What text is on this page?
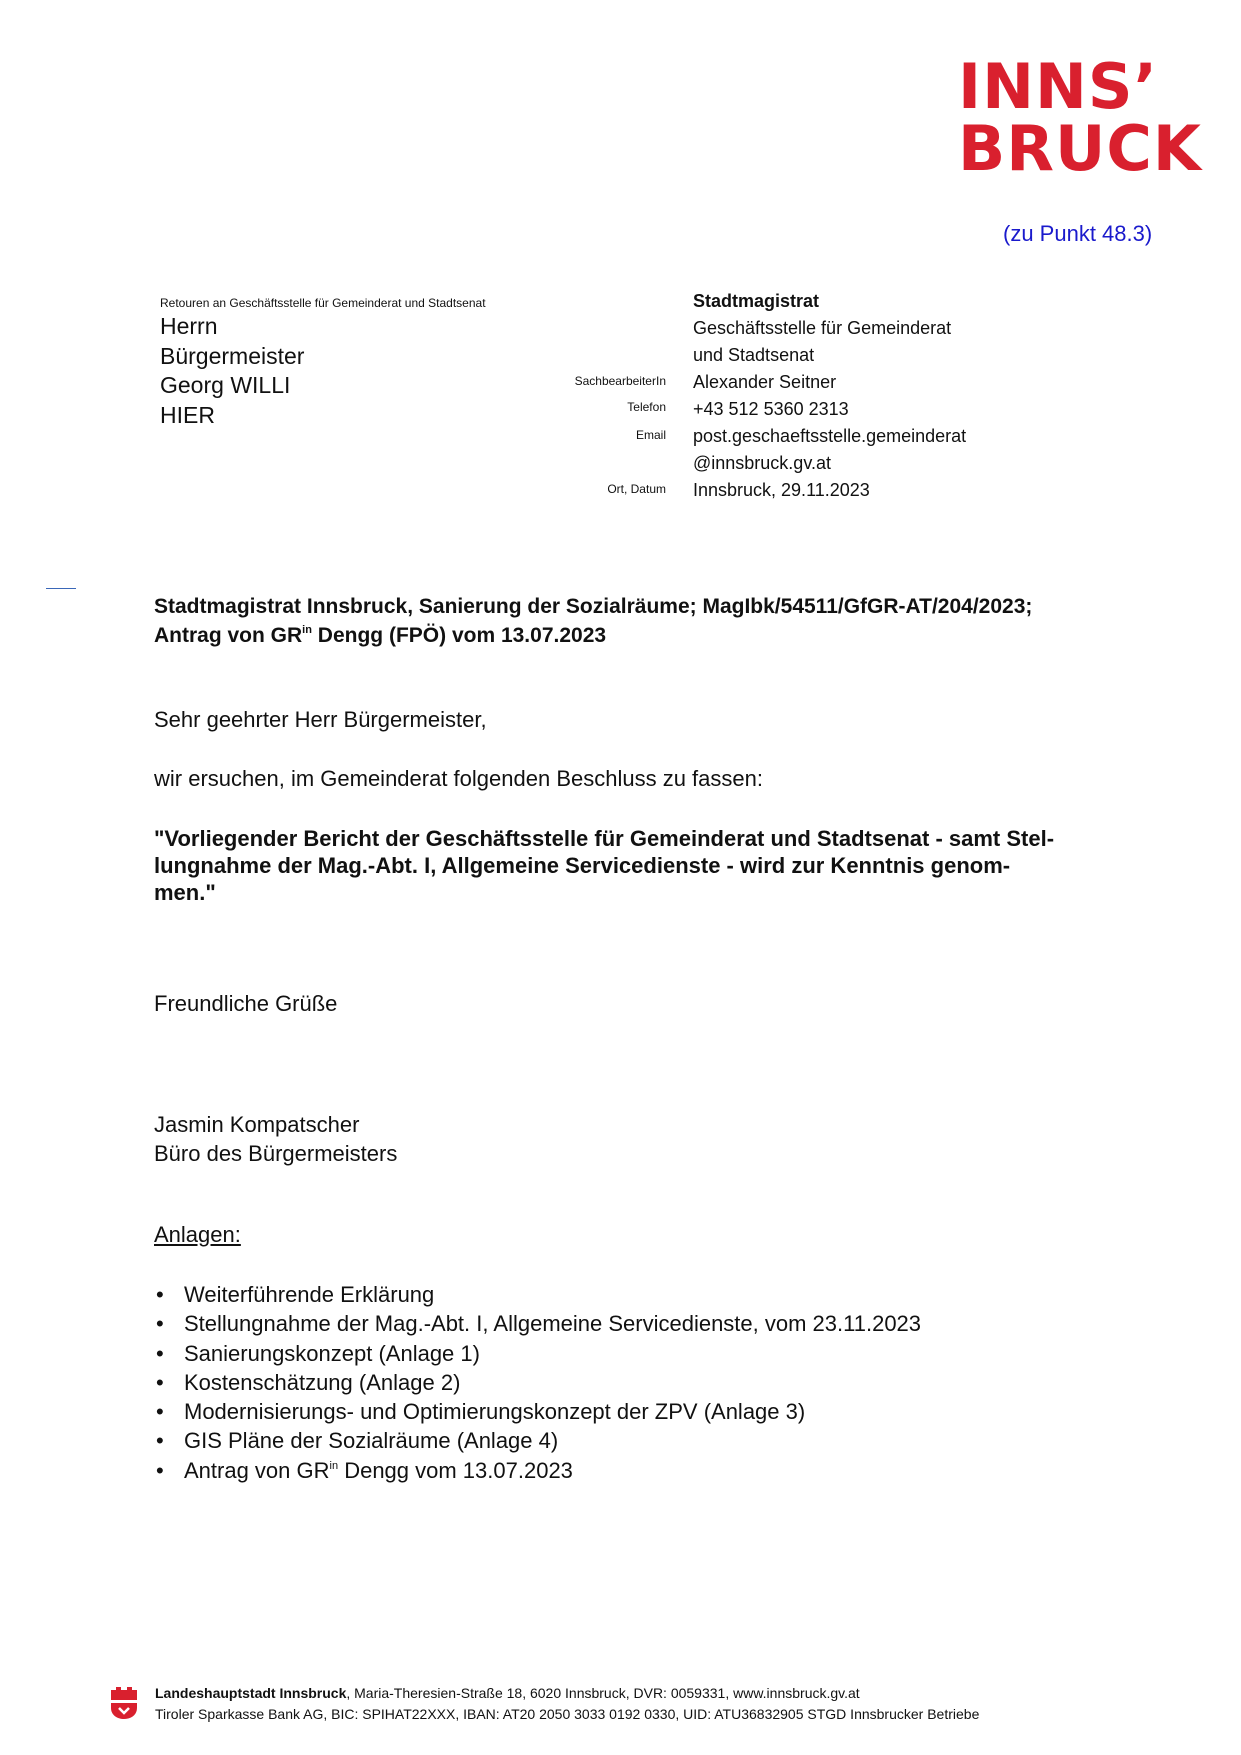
INNS’
BRUCK
(zu Punkt 48.3)
Retouren an Geschäftsstelle für Gemeinderat und Stadtsenat
Herrn
Bürgermeister
Georg WILLI
HIER
Stadtmagistrat
Geschäftsstelle für Gemeinderat
und Stadtsenat
Alexander Seitner
+43 512 5360 2313
post.geschaeftsstelle.gemeinderat
@innsbruck.gv.at
Innsbruck, 29.11.2023
SachbearbeiterIn
Telefon
Email
Ort, Datum
Stadtmagistrat Innsbruck, Sanierung der Sozialräume; MagIbk/54511/GfGR-AT/204/2023;
Antrag von $GR^{in}$ Dengg (FPÖ) vom 13.07.2023
Sehr geehrter Herr Bürgermeister,
wir ersuchen, im Gemeinderat folgenden Beschluss zu fassen:
"Vorliegender Bericht der Geschäftsstelle für Gemeinderat und Stadtsenat - samt Stel-
lungnahme der Mag.-Abt. I, Allgemeine Servicedienste - wird zur Kenntnis genom-
men."
Freundliche Grüße
Jasmin Kompatscher
Büro des Bürgermeisters
Anlagen:
• Weiterführende Erklärung
• Stellungnahme der Mag.-Abt. I, Allgemeine Servicedienste, vom 23.11.2023
• Sanierungskonzept (Anlage 1)
• Kostenschätzung (Anlage 2)
• Modernisierungs- und Optimierungskonzept der ZPV (Anlage 3)
• GIS Pläne der Sozialräume (Anlage 4)
• Antrag von $GR^{in}$ Dengg vom 13.07.2023
Landeshauptstadt Innsbruck, Maria-Theresien-Straße 18, 6020 Innsbruck, DVR: 0059331, www.innsbruck.gv.at
Tiroler Sparkasse Bank AG, BIC: SPIHAT22XXX, IBAN: AT20 2050 3033 0192 0330, UID: ATU36832905 STGD Innsbrucker Betriebe
